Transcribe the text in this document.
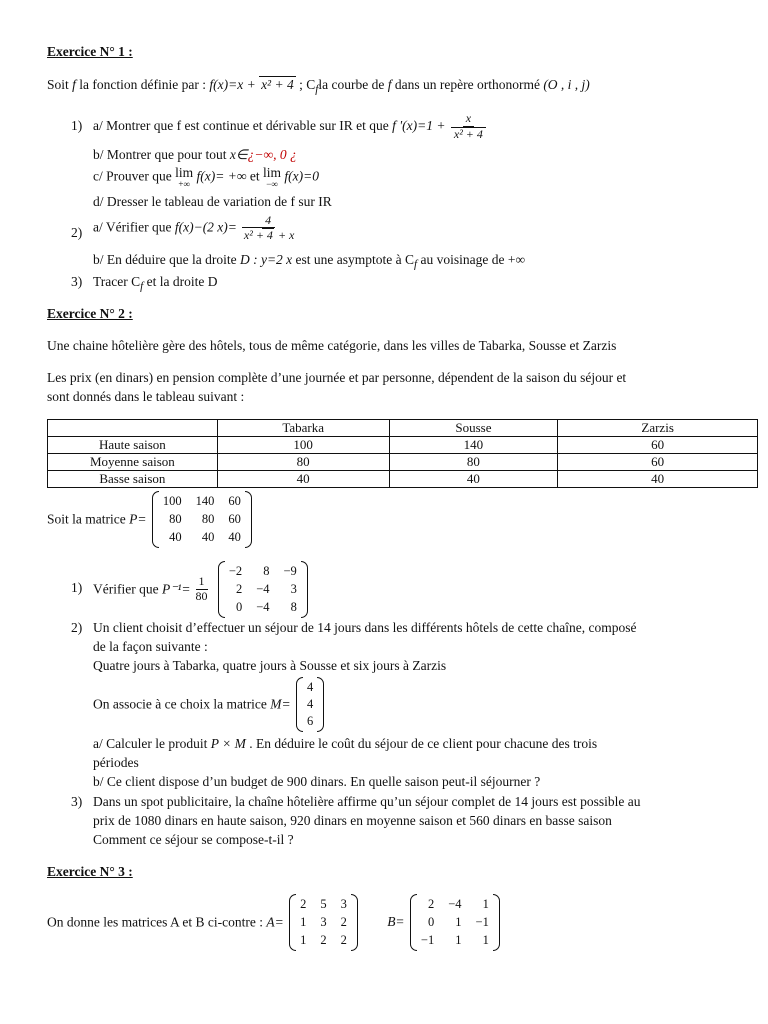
Exercice N° 1 :
Soit f la fonction définie par : f(x)=x + x² + 4 ; $C_fla$ courbe de f dans un repère orthonormé (O , i , j)
1) a/ Montrer que f est continue et dérivable sur IR et que f '$(x)=1 + \frac{x}{\text{x² + 4}}$
b/ Montrer que pour tout x∈¿−∞, 0 ¿
c/ Prouver que lim
+∞
f(x)= +∞ et lim
−∞
f(x)=0
d/ Dresser le tableau de variation de f sur IR
2) a/ Vérifier que f(x)−(2 $x)= \frac{4}{\text{x² + 4 + x}}$
b/ En déduire que la droite D : y=2 x est une asymptote à $C_f$ au voisinage de +∞
3) Tracer $C_f$ et la droite D
Exercice N° 2 :
Une chaine hôtelière gère des hôtels, tous de même catégorie, dans les villes de Tabarka, Sousse et Zarzis
Les prix (en dinars) en pension complète d’une journée et par personne, dépendent de la saison du séjour et
sont donnés dans le tableau suivant :
	Tabarka	Sousse	Zarzis
Haute saison	100	140	60
Moyenne saison	80	80	60
Basse saison	40	40	40
Soit la matrice P=
100 140 60
80	80 60
40	40 40
1) Vérifier que $P^{-1}= \frac{1}{80}$

−2	8 −9
2 −4	3
0 −4	8
2) Un client choisit d’effectuer un séjour de 14 jours dans les différents hôtels de cette chaîne, composé
de la façon suivante :
Quatre jours à Tabarka, quatre jours à Sousse et six jours à Zarzis
On associe à ce choix la matrice M=
4
4
6
a/ Calculer le produit P × M . En déduire le coût du séjour de ce client pour chacune des trois
périodes
b/ Ce client dispose d’un budget de 900 dinars. En quelle saison peut-il séjourner ?
3) Dans un spot publicitaire, la chaîne hôtelière affirme qu’un séjour complet de 14 jours est possible au
prix de 1080 dinars en haute saison, 920 dinars en moyenne saison et 560 dinars en basse saison
Comment ce séjour se compose-t-il ?
Exercice N° 3 :
On donne les matrices A et B ci-contre : A=
2 5 3
1 3 2
1 2 2
B=
2 −4	1
0	1 −1
−1	1	1
